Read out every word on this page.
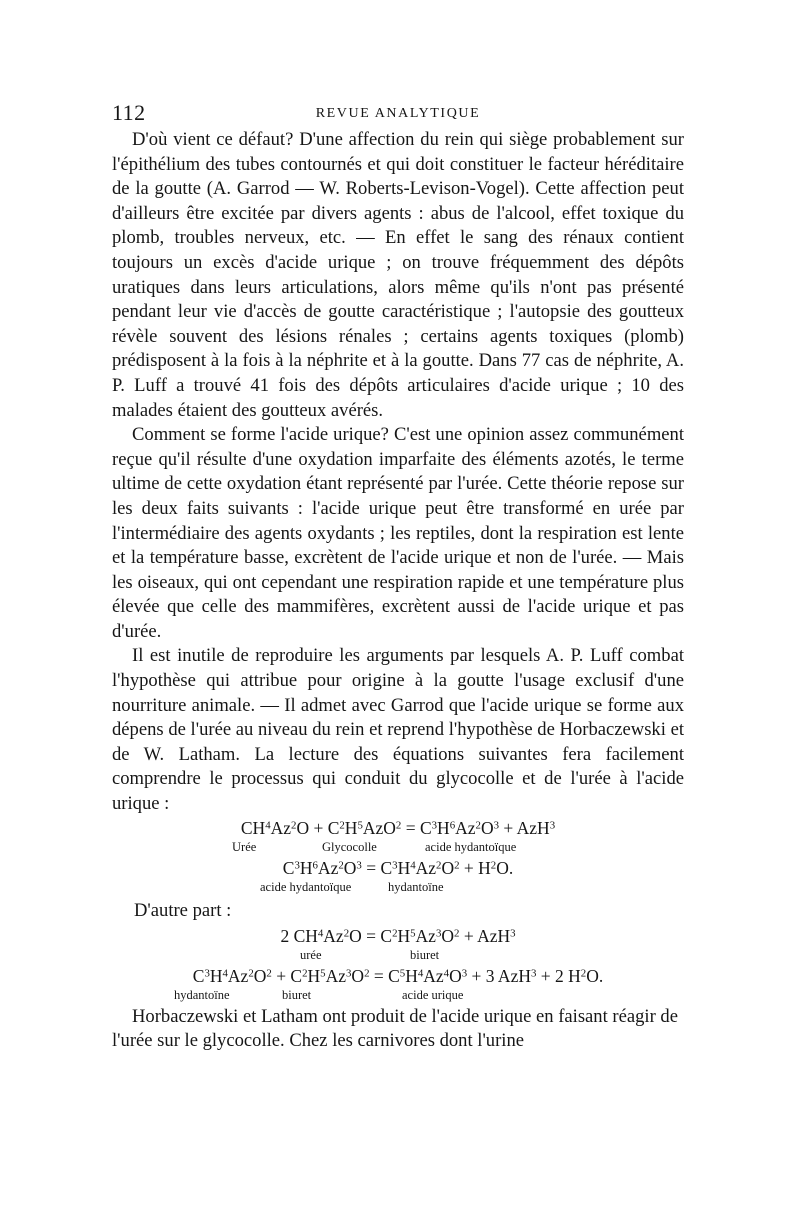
112	REVUE ANALYTIQUE

D'où vient ce défaut? D'une affection du rein qui siège probablement sur l'épithélium des tubes contournés et qui doit constituer le facteur héréditaire de la goutte (A. Garrod — W. Roberts-Levison-Vogel). Cette affection peut d'ailleurs être excitée par divers agents : abus de l'alcool, effet toxique du plomb, troubles nerveux, etc. — En effet le sang des rénaux contient toujours un excès d'acide urique ; on trouve fréquemment des dépôts uratiques dans leurs articulations, alors même qu'ils n'ont pas présenté pendant leur vie d'accès de goutte caractéristique ; l'autopsie des goutteux révèle souvent des lésions rénales ; certains agents toxiques (plomb) prédisposent à la fois à la néphrite et à la goutte. Dans 77 cas de néphrite, A. P. Luff a trouvé 41 fois des dépôts articulaires d'acide urique ; 10 des malades étaient des goutteux avérés.

Comment se forme l'acide urique? C'est une opinion assez communément reçue qu'il résulte d'une oxydation imparfaite des éléments azotés, le terme ultime de cette oxydation étant représenté par l'urée. Cette théorie repose sur les deux faits suivants : l'acide urique peut être transformé en urée par l'intermédiaire des agents oxydants ; les reptiles, dont la respiration est lente et la température basse, excrètent de l'acide urique et non de l'urée. — Mais les oiseaux, qui ont cependant une respiration rapide et une température plus élevée que celle des mammifères, excrètent aussi de l'acide urique et pas d'urée.

Il est inutile de reproduire les arguments par lesquels A. P. Luff combat l'hypothèse qui attribue pour origine à la goutte l'usage exclusif d'une nourriture animale. — Il admet avec Garrod que l'acide urique se forme aux dépens de l'urée au niveau du rein et reprend l'hypothèse de Horbaczewski et de W. Latham. La lecture des équations suivantes fera facilement comprendre le processus qui conduit du glycocolle et de l'urée à l'acide urique :

$CH^4Az^2O + C^2H^5AzO^2 = C^3H^6Az^2O^3 + AzH^3$
Urée	Glycocolle	acide hydantoïque
$C^3H^6Az^2O^3 = C^3H^4Az^2O^2 + H^2O$.
acide hydantoïque	hydantoïne

D'autre part :

2 $CH^4Az^2O = C^2H^5Az^3O^2 + AzH^3$
urée	biuret
$C^3H^4Az^2O^2 + C^2H^5Az^3O^2 = C^5H^4Az^4O^3 + 3$ AzH$^3$ + 2 $H^2O$.
hydantoïne	biuret	acide urique

Horbaczewski et Latham ont produit de l'acide urique en faisant réagir de l'urée sur le glycocolle. Chez les carnivores dont l'urine
